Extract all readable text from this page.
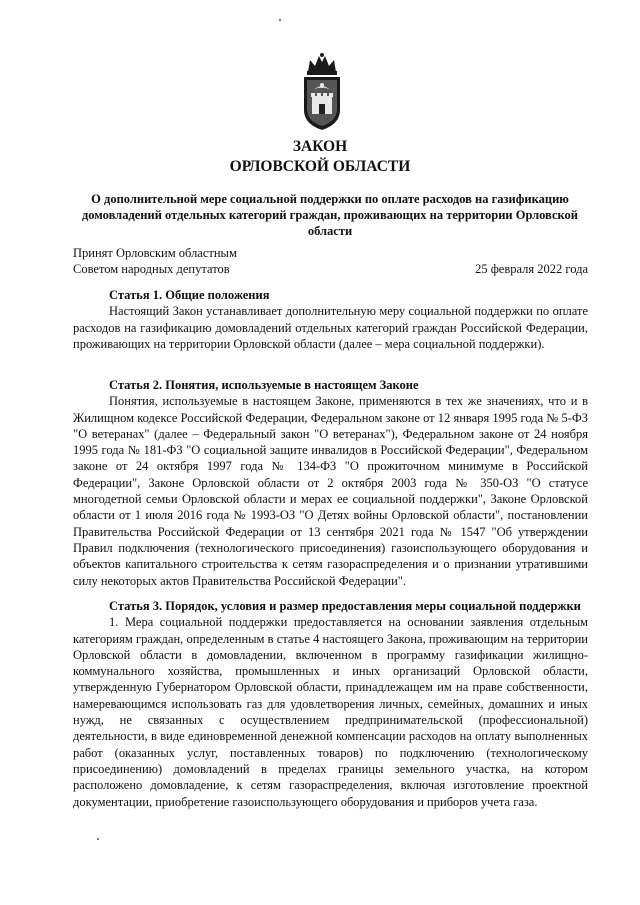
ЗАКОН
ОРЛОВСКОЙ ОБЛАСТИ
О дополнительной мере социальной поддержки по оплате расходов на газификацию домовладений отдельных категорий граждан, проживающих на территории Орловской области
Принят Орловским областным
Советом народных депутатов	25 февраля 2022 года
Статья 1. Общие положения
Настоящий Закон устанавливает дополнительную меру социальной поддержки по оплате расходов на газификацию домовладений отдельных категорий граждан Российской Федерации, проживающих на территории Орловской области (далее – мера социальной поддержки).
Статья 2. Понятия, используемые в настоящем Законе
Понятия, используемые в настоящем Законе, применяются в тех же значениях, что и в Жилищном кодексе Российской Федерации, Федеральном законе от 12 января 1995 года № 5-ФЗ "О ветеранах" (далее – Федеральный закон "О ветеранах"), Федеральном законе от 24 ноября 1995 года № 181-ФЗ "О социальной защите инвалидов в Российской Федерации", Федеральном законе от 24 октября 1997 года № 134-ФЗ "О прожиточном минимуме в Российской Федерации", Законе Орловской области от 2 октября 2003 года № 350-ОЗ "О статусе многодетной семьи Орловской области и мерах ее социальной поддержки", Законе Орловской области от 1 июля 2016 года № 1993-ОЗ "О Детях войны Орловской области", постановлении Правительства Российской Федерации от 13 сентября 2021 года № 1547 "Об утверждении Правил подключения (технологического присоединения) газоиспользующего оборудования и объектов капитального строительства к сетям газораспределения и о признании утратившими силу некоторых актов Правительства Российской Федерации".
Статья 3. Порядок, условия и размер предоставления меры социальной поддержки
1. Мера социальной поддержки предоставляется на основании заявления отдельным категориям граждан, определенным в статье 4 настоящего Закона, проживающим на территории Орловской области в домовладении, включенном в программу газификации жилищно-коммунального хозяйства, промышленных и иных организаций Орловской области, утвержденную Губернатором Орловской области, принадлежащем им на праве собственности, намеревающимся использовать газ для удовлетворения личных, семейных, домашних и иных нужд, не связанных с осуществлением предпринимательской (профессиональной) деятельности, в виде единовременной денежной компенсации расходов на оплату выполненных работ (оказанных услуг, поставленных товаров) по подключению (технологическому присоединению) домовладений в пределах границы земельного участка, на котором расположено домовладение, к сетям газораспределения, включая изготовление проектной документации, приобретение газоиспользующего оборудования и приборов учета газа.
